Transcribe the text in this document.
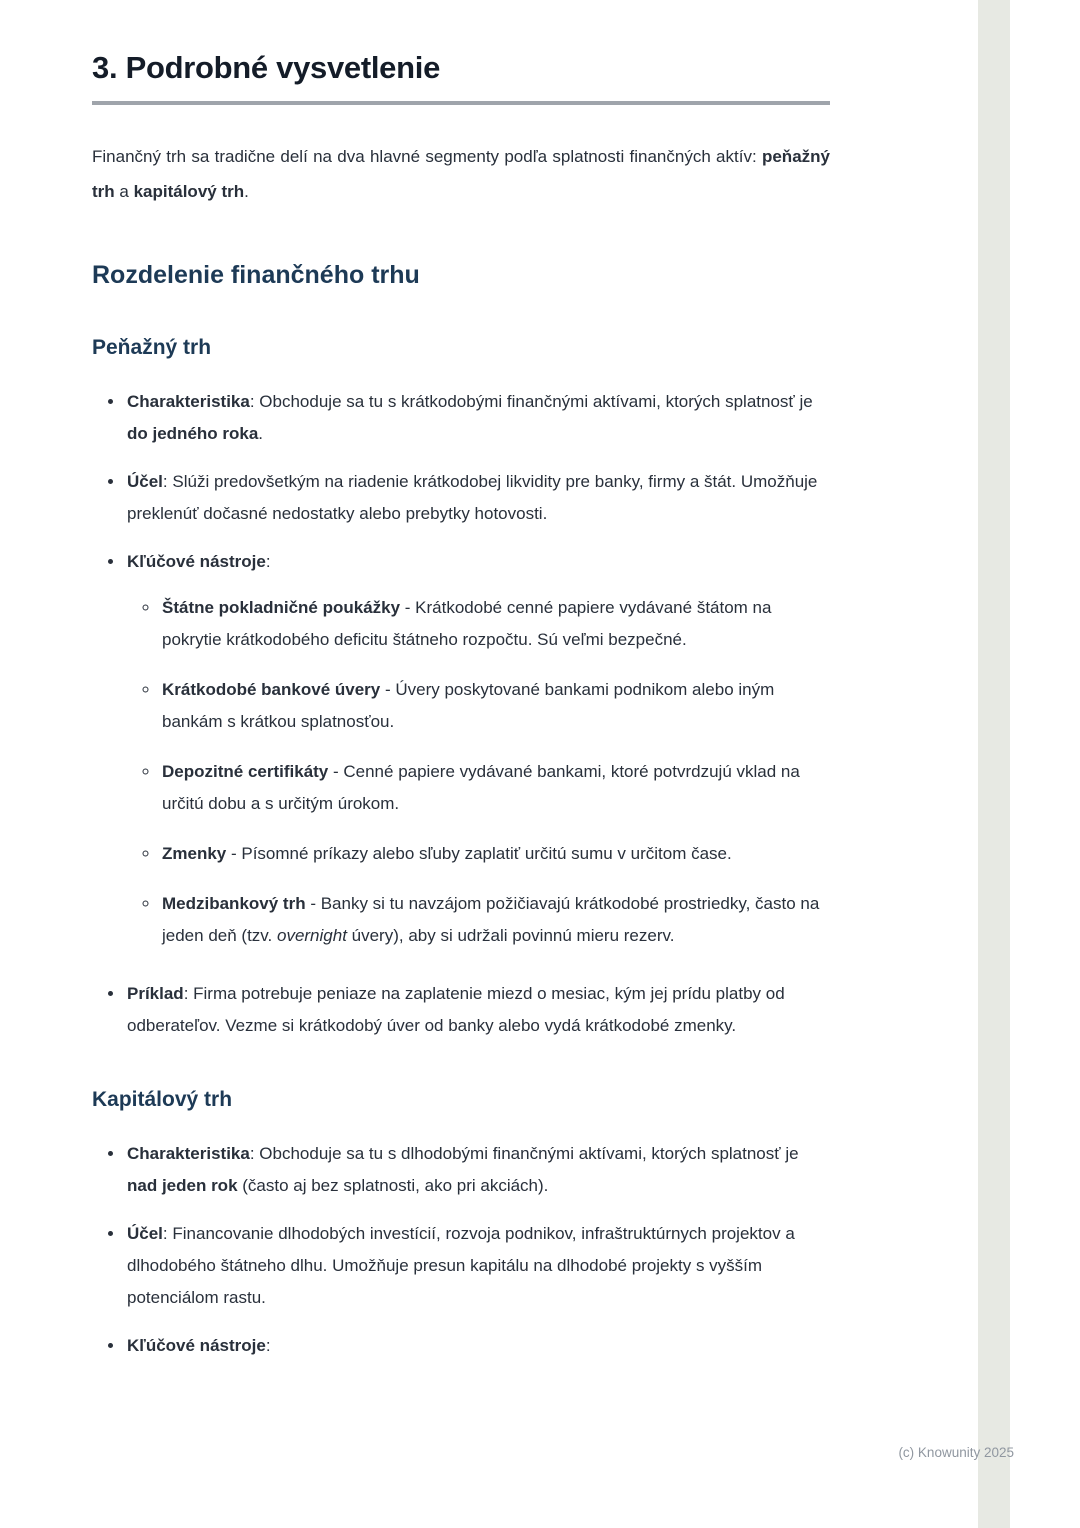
3. Podrobné vysvetlenie

Finančný trh sa tradične delí na dva hlavné segmenty podľa splatnosti finančných aktív: peňažný trh a kapitálový trh.

Rozdelenie finančného trhu
Peňažný trh
• Charakteristika: Obchoduje sa tu s krátkodobými finančnými aktívami, ktorých splatnosť je do jedného roka.
• Účel: Slúži predovšetkým na riadenie krátkodobej likvidity pre banky, firmy a štát. Umožňuje preklenúť dočasné nedostatky alebo prebytky hotovosti.
• Kľúčové nástroje:
◦ Štátne pokladničné poukážky - Krátkodobé cenné papiere vydávané štátom na pokrytie krátkodobého deficitu štátneho rozpočtu. Sú veľmi bezpečné.
◦ Krátkodobé bankové úvery - Úvery poskytované bankami podnikom alebo iným bankám s krátkou splatnosťou.
◦ Depozitné certifikáty - Cenné papiere vydávané bankami, ktoré potvrdzujú vklad na určitú dobu a s určitým úrokom.
◦ Zmenky - Písomné príkazy alebo sľuby zaplatiť určitú sumu v určitom čase.
◦ Medzibankový trh - Banky si tu navzájom požičiavajú krátkodobé prostriedky, často na jeden deň (tzv. overnight úvery), aby si udržali povinnú mieru rezerv.
• Príklad: Firma potrebuje peniaze na zaplatenie miezd o mesiac, kým jej prídu platby od odberateľov. Vezme si krátkodobý úver od banky alebo vydá krátkodobé zmenky.
Kapitálový trh
• Charakteristika: Obchoduje sa tu s dlhodobými finančnými aktívami, ktorých splatnosť je nad jeden rok (často aj bez splatnosti, ako pri akciách).
• Účel: Financovanie dlhodobých investícií, rozvoja podnikov, infraštruktúrnych projektov a dlhodobého štátneho dlhu. Umožňuje presun kapitálu na dlhodobé projekty s vyšším potenciálom rastu.
• Kľúčové nástroje:
(c) Knowunity 2025
